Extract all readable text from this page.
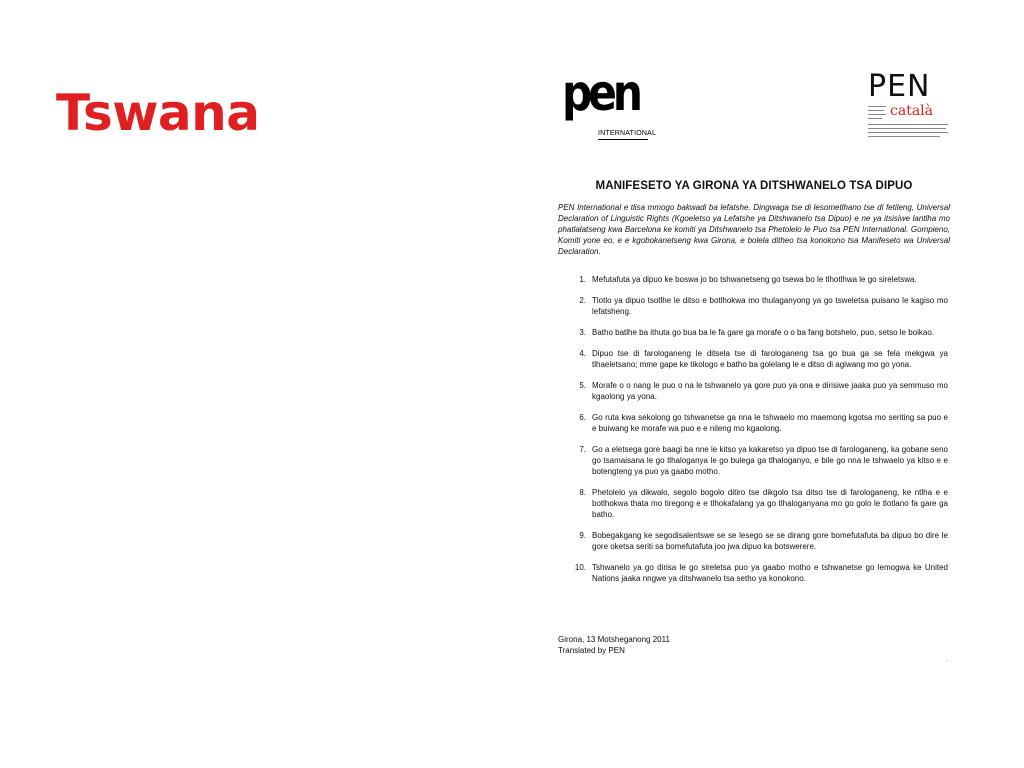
Tswana	pen
INTERNATIONAL
PEN
català
MANIFESETO YA GIRONA YA DITSHWANELO TSA DIPUO
PEN International e tlisa mmogo bakwadi ba lefatshe. Dingwaga tse di lesometlhano tse di fetileng, Universal Declaration of Linguistic Rights (Kgoeletso ya Lefatshe ya Ditshwanelo tsa Dipuo) e ne ya itsisiwe lantlha mo phatlalatseng kwa Barcelona ke komiti ya Ditshwanelo tsa Phetolelo le Puo tsa PEN International. Gompieno, Komiti yone eo, e e kgobokanetseng kwa Girona, e bolela ditheo tsa konokono tsa Manifeseto wa Universal Declaration.
1. Mefutafuta ya dipuo ke boswa jo bo tshwanetseng go tsewa bo le tlhotlhwa le go sireletswa.
2. Tlotlo ya dipuo tsotlhe le ditso e botlhokwa mo thulaganyong ya go tsweletsa puisano le kagiso mo lefatsheng.
3. Batho batlhe ba ithuta go bua ba le fa gare ga morafe o o ba fang botshelo, puo, setso le boikao.
4. Dipuo tse di farologaneng le ditsela tse di farologaneng tsa go bua ga se fela mekgwa ya tlhaeletsano; mme gape ke tikologo e batho ba golelang le e ditso di agiwang mo go yona.
5. Morafe o o nang le puo o na le tshwanelo ya gore puo ya ona e dirisiwe jaaka puo ya semmuso mo kgaolong ya yona.
6. Go ruta kwa sekolong go tshwanetse ga nna le tshwaelo mo maemong kgotsa mo seriting sa puo e e buiwang ke morafe wa puo e e nileng mo kgaolong.
7. Go a eletsega gore baagi ba nne le kitso ya kakaretso ya dipuo tse di farologaneng, ka gobane seno go tsamaisana le go tlhaloganya le go bulega ga tlhaloganyo, e bile go nna le tshwaelo ya kitso e e botengteng ya puo ya gaabo motho.
8. Phetolelo ya dikwalo, segolo bogolo ditiro tse dikgolo tsa ditso tse di farologaneng, ke ntlha e e botlhokwa thata mo tiregong e e tlhokafalang ya go tlhaloganyana mo go golo le tlotlano fa gare ga batho.
9. Bobegakgang ke segodisalentswe se se lesego se se dirang gore bomefutafuta ba dipuo bo dire le gore oketsa seriti sa bomefutafuta joo jwa dipuo ka botswerere.
10. Tshwanelo ya go dirisa le go sireletsa puo ya gaabo motho e tshwanetse go lemogwa ke United Nations jaaka nngwe ya ditshwanelo tsa setho ya konokono.
Girona, 13 Motsheganong 2011
Translated by PEN
.
